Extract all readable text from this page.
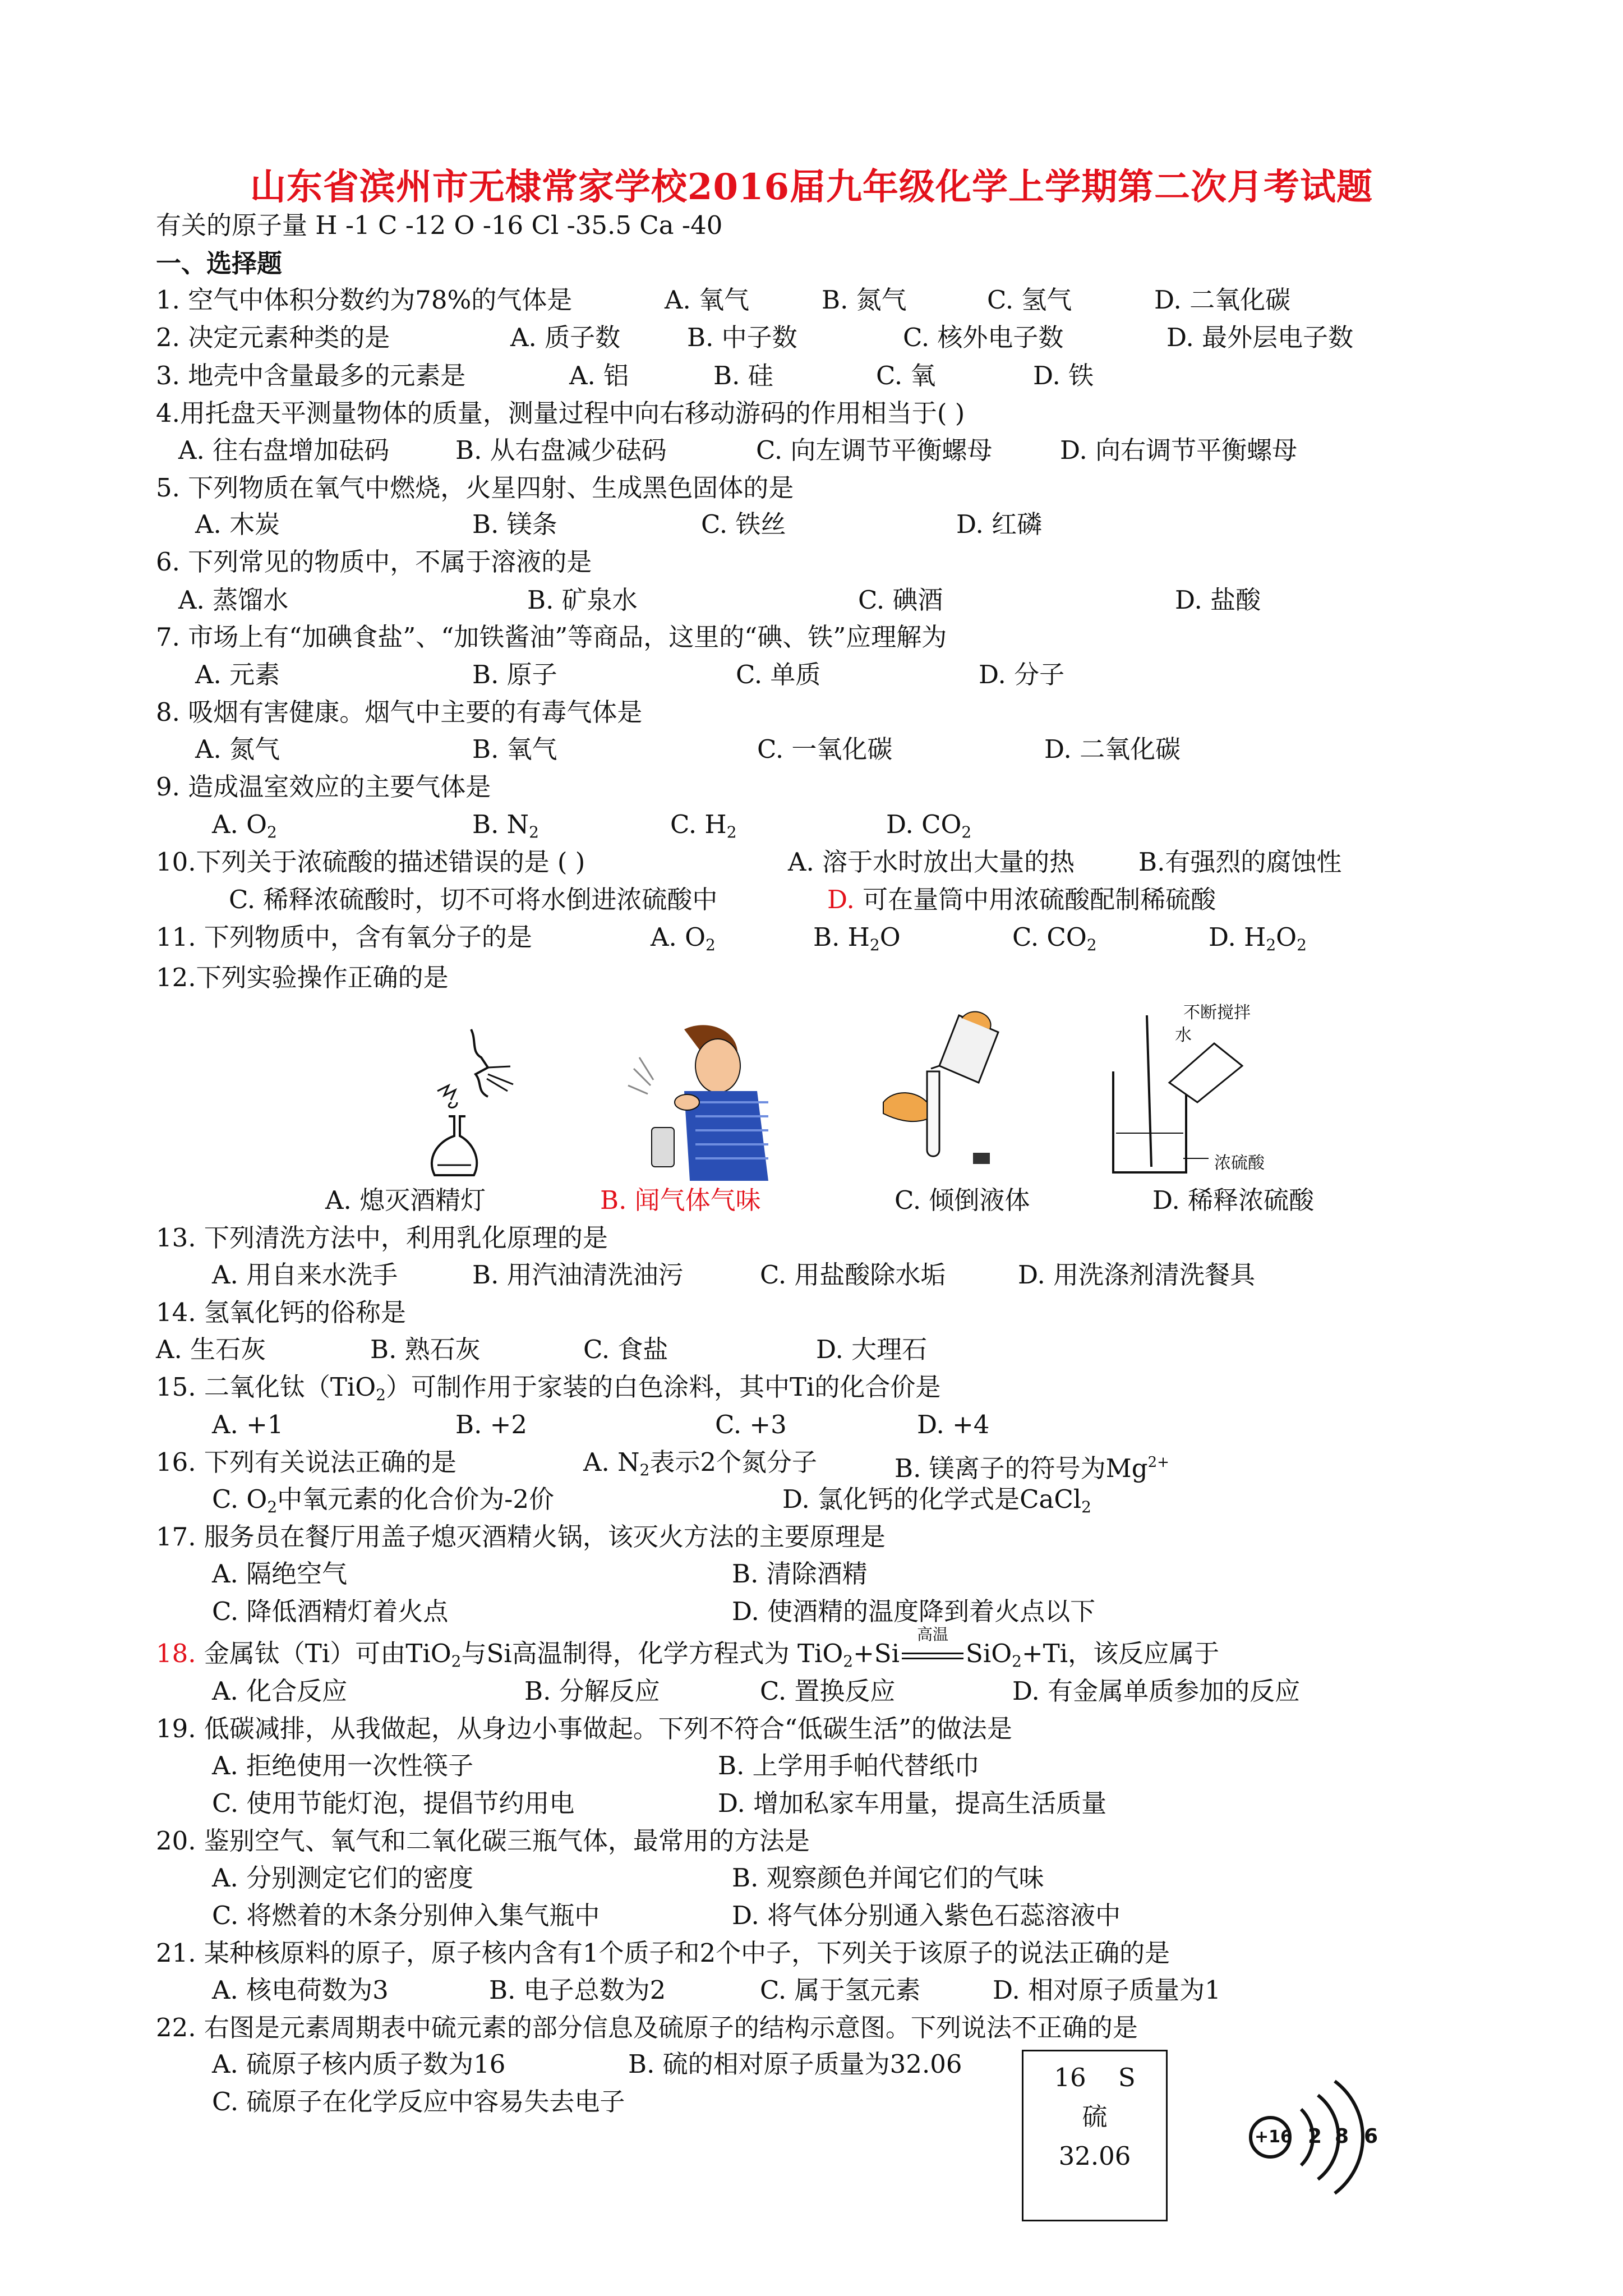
山东省滨州市无棣常家学校2016届九年级化学上学期第二次月考试题
有关的原子量 H -1 C -12 O -16 Cl -35.5 Ca -40
一、选择题
1. 空气中体积分数约为78%的气体是	A. 氧气	B. 氮气	C. 氢气	D. 二氧化碳
2. 决定元素种类的是	A. 质子数	B. 中子数	C. 核外电子数	D. 最外层电子数
3. 地壳中含量最多的元素是	A. 铝	B. 硅	C. 氧	D. 铁
4.用托盘天平测量物体的质量，测量过程中向右移动游码的作用相当于( )
A. 往右盘增加砝码	B. 从右盘减少砝码	C. 向左调节平衡螺母	D. 向右调节平衡螺母
5. 下列物质在氧气中燃烧，火星四射、生成黑色固体的是
A. 木炭	B. 镁条	C. 铁丝	D. 红磷
6. 下列常见的物质中，不属于溶液的是
A. 蒸馏水	B. 矿泉水	C. 碘酒	D. 盐酸
7. 市场上有“加碘食盐”、“加铁酱油”等商品，这里的“碘、铁”应理解为
A. 元素	B. 原子	C. 单质	D. 分子
8. 吸烟有害健康。烟气中主要的有毒气体是
A. 氮气	B. 氧气	C. 一氧化碳	D. 二氧化碳
9. 造成温室效应的主要气体是
A. $O_2$	B. $N_2$	C. $H_2$	D. $CO_2$
10.下列关于浓硫酸的描述错误的是 ( )	A. 溶于水时放出大量的热	B.有强烈的腐蚀性
C. 稀释浓硫酸时，切不可将水倒进浓硫酸中	D. 可在量筒中用浓硫酸配制稀硫酸
11. 下列物质中，含有氧分子的是	A. $O_2$	B. $H_2O$	C. $CO_2$	D. $H_2O_2$
12.下列实验操作正确的是
不断搅拌
水
浓硫酸
A. 熄灭酒精灯	B. 闻气体气味	C. 倾倒液体	D. 稀释浓硫酸
13. 下列清洗方法中，利用乳化原理的是
A. 用自来水洗手	B. 用汽油清洗油污	C. 用盐酸除水垢	D. 用洗涤剂清洗餐具
14. 氢氧化钙的俗称是
A. 生石灰	B. 熟石灰	C. 食盐	D. 大理石
15. 二氧化钛（TiO$_2$）可制作用于家装的白色涂料，其中Ti的化合价是
A. +1	B. +2	C. +3	D. +4
16. 下列有关说法正确的是	A. $N_2$表示2个氮分子	B. 镁离子的符号为$Mg^{2+}$
C. $O_2$中氧元素的化合价为-2价	D. 氯化钙的化学式是CaCl$_2$
17. 服务员在餐厅用盖子熄灭酒精火锅，该灭火方法的主要原理是
A. 隔绝空气	B. 清除酒精
C. 降低酒精灯着火点	D. 使酒精的温度降到着火点以下
18. 金属钛（Ti）可由TiO$_2$与Si高温制得，化学方程式为 TiO$_2$+Si
高温
SiO$_2$+Ti，该反应属于
A. 化合反应	B. 分解反应	C. 置换反应	D. 有金属单质参加的反应
19. 低碳减排，从我做起，从身边小事做起。下列不符合“低碳生活”的做法是
A. 拒绝使用一次性筷子	B. 上学用手帕代替纸巾
C. 使用节能灯泡，提倡节约用电	D. 增加私家车用量，提高生活质量
20. 鉴别空气、氧气和二氧化碳三瓶气体，最常用的方法是
A. 分别测定它们的密度	B. 观察颜色并闻它们的气味
C. 将燃着的木条分别伸入集气瓶中	D. 将气体分别通入紫色石蕊溶液中
21. 某种核原料的原子，原子核内含有1个质子和2个中子，下列关于该原子的说法正确的是
A. 核电荷数为3	B. 电子总数为2	C. 属于氢元素	D. 相对原子质量为1
22. 右图是元素周期表中硫元素的部分信息及硫原子的结构示意图。下列说法不正确的是
A. 硫原子核内质子数为16	B. 硫的相对原子质量为32.06
C. 硫原子在化学反应中容易失去电子
16 S
硫
32.06
+16 2 8 6
